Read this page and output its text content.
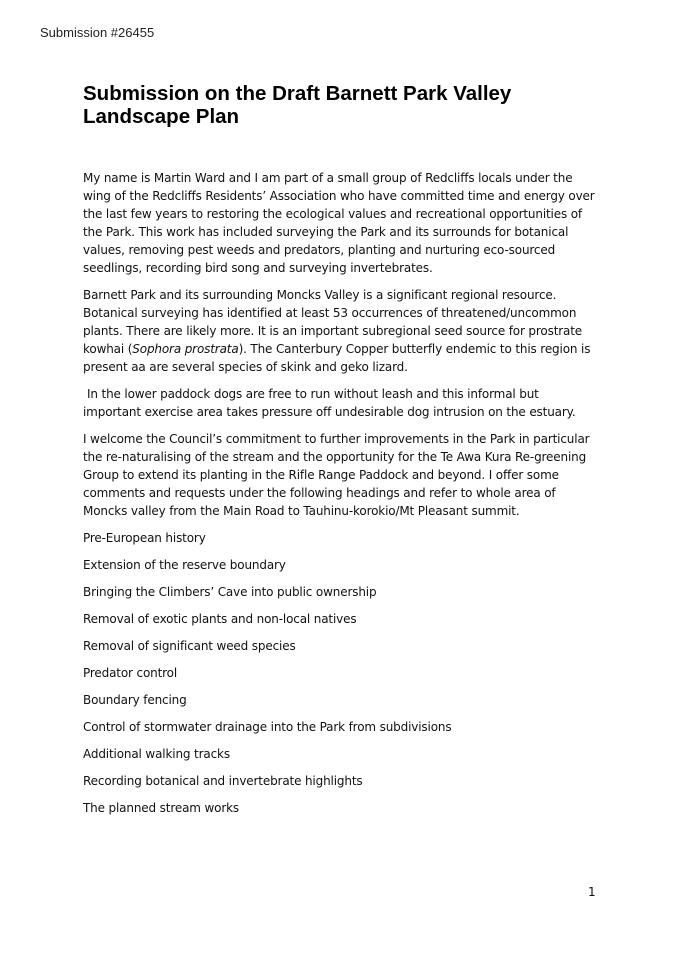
Submission #26455
Submission on the Draft Barnett Park Valley Landscape Plan

My name is Martin Ward and I am part of a small group of Redcliffs locals under the wing of the Redcliffs Residents’ Association who have committed time and energy over the last few years to restoring the ecological values and recreational opportunities of the Park. This work has included surveying the Park and its surrounds for botanical values, removing pest weeds and predators, planting and nurturing eco-sourced seedlings, recording bird song and surveying invertebrates.

Barnett Park and its surrounding Moncks Valley is a significant regional resource. Botanical surveying has identified at least 53 occurrences of threatened/uncommon plants. There are likely more. It is an important subregional seed source for prostrate kowhai (Sophora prostrata). The Canterbury Copper butterfly endemic to this region is present aa are several species of skink and geko lizard.

In the lower paddock dogs are free to run without leash and this informal but important exercise area takes pressure off undesirable dog intrusion on the estuary.

I welcome the Council’s commitment to further improvements in the Park in particular the re-naturalising of the stream and the opportunity for the Te Awa Kura Re-greening Group to extend its planting in the Rifle Range Paddock and beyond. I offer some comments and requests under the following headings and refer to whole area of Moncks valley from the Main Road to Tauhinu-korokio/Mt Pleasant summit.

Pre-European history
Extension of the reserve boundary
Bringing the Climbers’ Cave into public ownership
Removal of exotic plants and non-local natives
Removal of significant weed species
Predator control
Boundary fencing
Control of stormwater drainage into the Park from subdivisions
Additional walking tracks
Recording botanical and invertebrate highlights
The planned stream works
1
